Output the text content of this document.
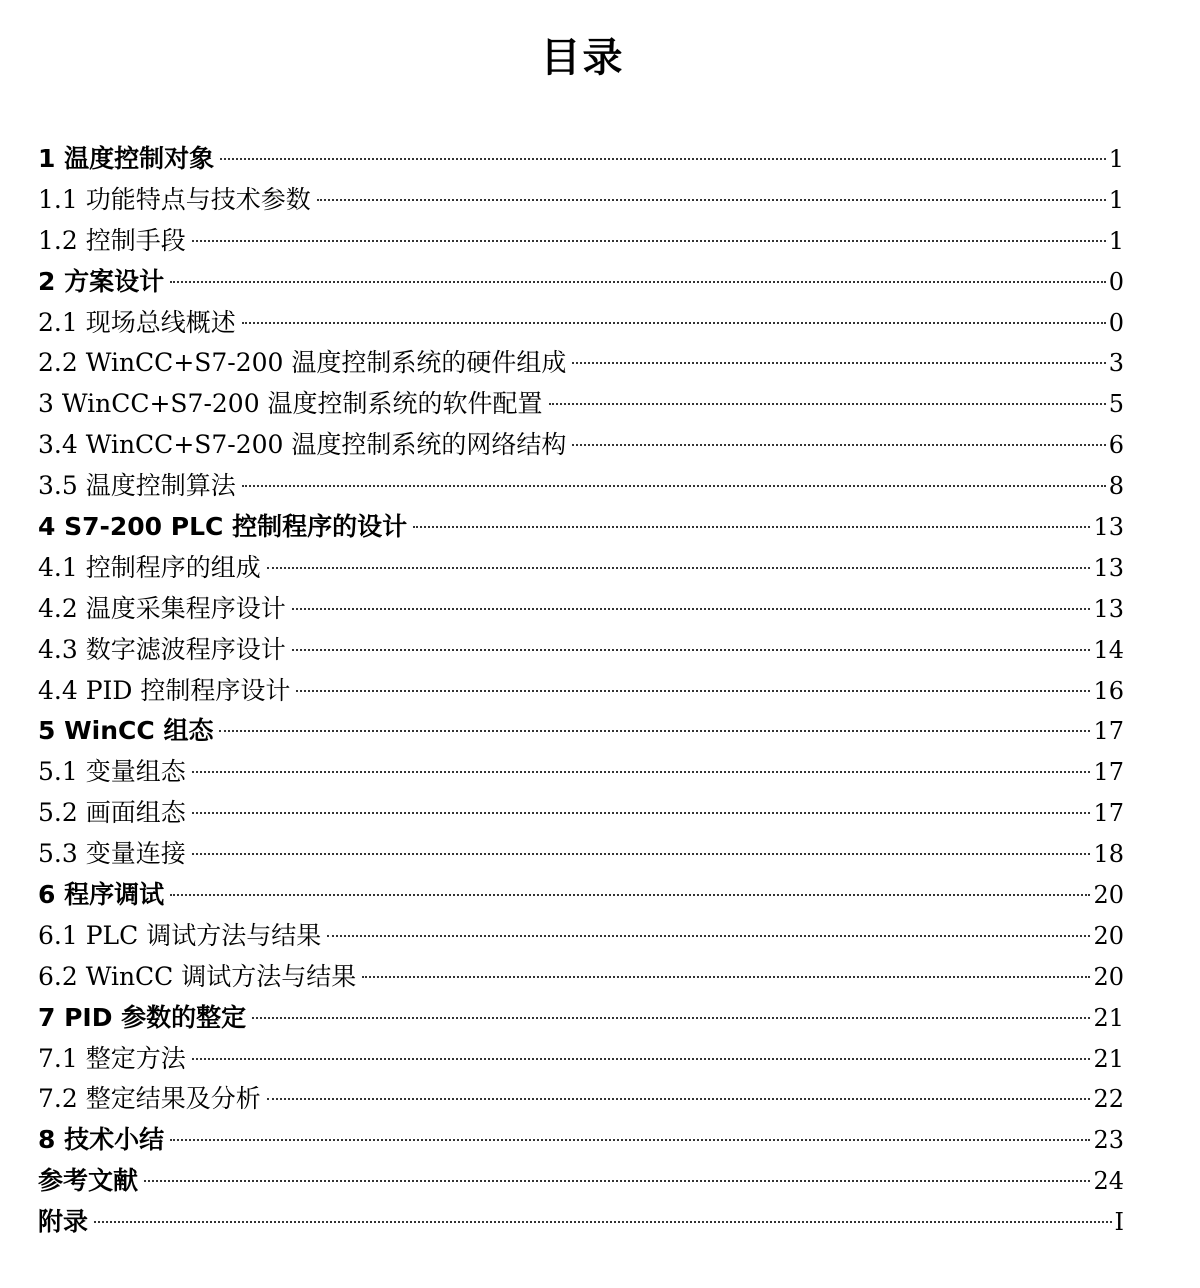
目录
1 温度控制对象	1
1.1 功能特点与技术参数	1
1.2 控制手段	1
2 方案设计	0
2.1 现场总线概述	0
2.2 WinCC+S7-200 温度控制系统的硬件组成	3
3 WinCC+S7-200 温度控制系统的软件配置	5
3.4 WinCC+S7-200 温度控制系统的网络结构	6
3.5 温度控制算法	8
4 S7-200 PLC 控制程序的设计	13
4.1 控制程序的组成	13
4.2 温度采集程序设计	13
4.3 数字滤波程序设计	14
4.4 PID 控制程序设计	16
5 WinCC 组态	17
5.1 变量组态	17
5.2 画面组态	17
5.3 变量连接	18
6 程序调试	20
6.1 PLC 调试方法与结果	20
6.2 WinCC 调试方法与结果	20
7 PID 参数的整定	21
7.1 整定方法	21
7.2 整定结果及分析	22
8 技术小结	23
参考文献	24
附录	I
